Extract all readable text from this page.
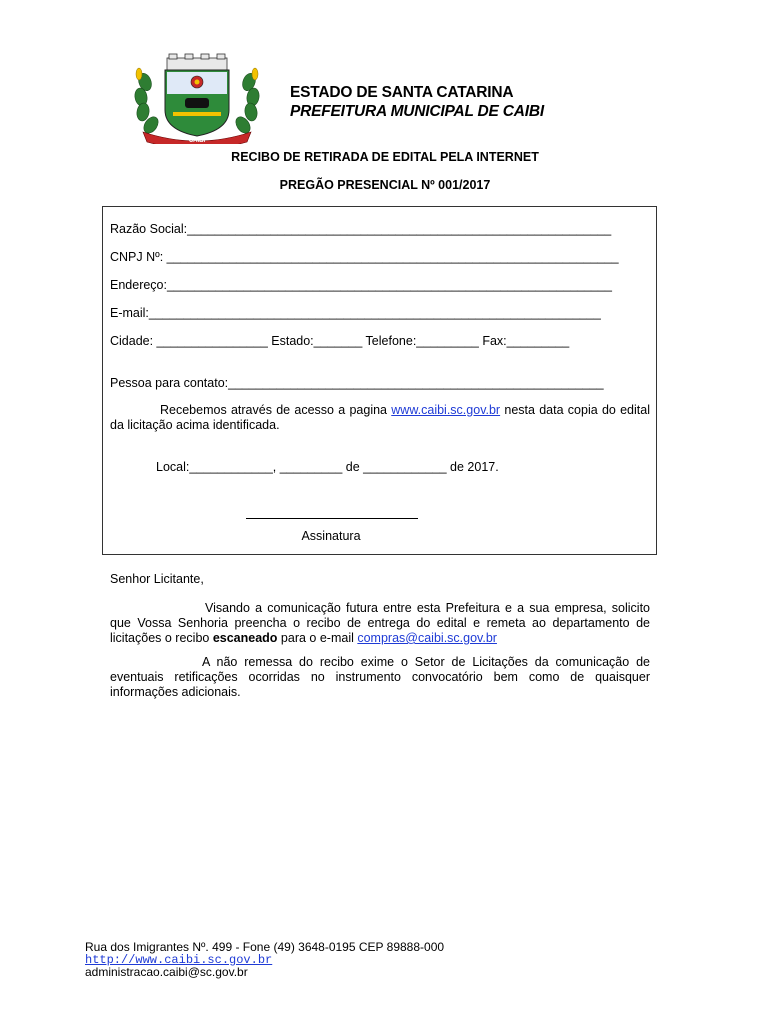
CAIBI
ESTADO DE SANTA CATARINA
PREFEITURA MUNICIPAL DE CAIBI
RECIBO DE RETIRADA DE EDITAL PELA INTERNET
PREGÃO PRESENCIAL Nº 001/2017
Razão Social:_____________________________________________________________
CNPJ Nº: _________________________________________________________________
Endereço:________________________________________________________________
E-mail:_________________________________________________________________
Cidade: ________________ Estado:_______ Telefone:_________ Fax:_________
Pessoa para contato:______________________________________________________
Recebemos através de acesso a pagina www.caibi.sc.gov.br nesta data copia do edital da licitação acima identificada.
Local:____________, _________ de ____________ de 2017.
Assinatura
Senhor Licitante,
Visando a comunicação futura entre esta Prefeitura e a sua empresa, solicito que Vossa Senhoria preencha o recibo de entrega do edital e remeta ao departamento de licitações o recibo escaneado para o e-mail compras@caibi.sc.gov.br
A não remessa do recibo exime o Setor de Licitações da comunicação de eventuais retificações ocorridas no instrumento convocatório bem como de quaisquer informações adicionais.
Rua dos Imigrantes Nº. 499 - Fone (49) 3648-0195 CEP 89888-000
http://www.caibi.sc.gov.br
administracao.caibi@sc.gov.br
